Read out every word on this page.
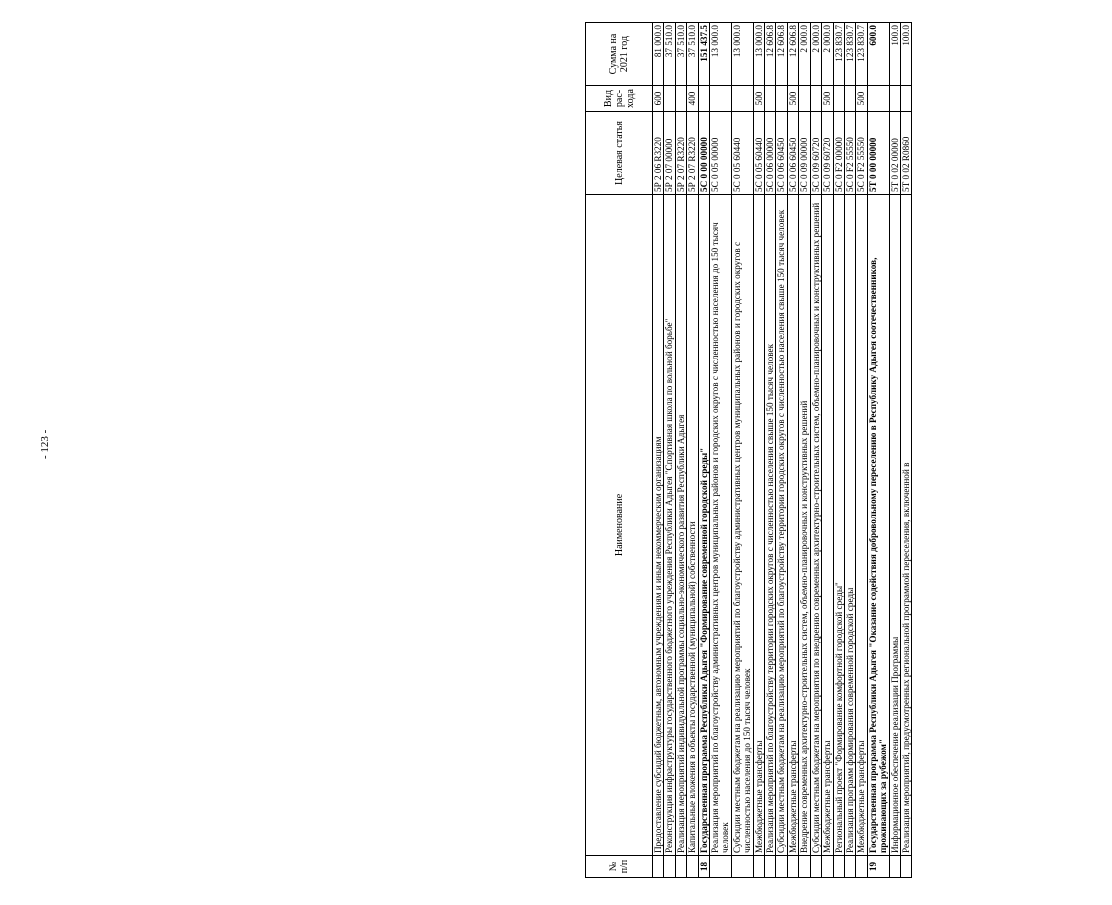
- 123 -
№ п/п	Наименование	Целевая статья	Вид рас-хода	Сумма на 2021 год
	Предоставление субсидий бюджетным, автономным учреждениям и иным некоммерческим организациям	5Р 2 06 R3220	600	81 000.0
	Реконструкция инфраструктуры государственного бюджетного учреждения Республики Адыгея "Спортивная школа по вольной борьбе"	5Р 2 07 00000		37 510.0
	Реализация мероприятий индивидуальной программы социально-экономического развития Республики Адыгея	5Р 2 07 R3220		37 510.0
	Капитальные вложения в объекты государственной (муниципальной) собственности	5Р 2 07 R3220	400	37 510.0
18	Государственная программа Республики Адыгея "Формирование современной городской среды"	5С 0 00 00000		151 437.5
	Реализация мероприятий по благоустройству административных центров муниципальных районов и городских округов с численностью населения до 150 тысяч человек	5С 0 05 00000		13 000.0
	Субсидии местным бюджетам на реализацию мероприятий по благоустройству административных центров муниципальных районов и городских округов с численностью населения до 150 тысяч человек	5С 0 05 60440		13 000.0
	Межбюджетные трансферты	5С 0 05 60440	500	13 000.0
	Реализация мероприятий по благоустройству территории городских округов с численностью населения свыше 150 тысяч человек	5С 0 06 00000		12 606.8
	Субсидии местным бюджетам на реализацию мероприятий по благоустройству территории городских округов с численностью населения свыше 150 тысяч человек	5С 0 06 60450		12 606.8
	Межбюджетные трансферты	5С 0 06 60450	500	12 606.8
	Внедрение современных архитектурно-строительных систем, объемно-планировочных и конструктивных решений	5С 0 09 00000		2 000.0
	Субсидии местным бюджетам на мероприятия по внедрению современных архитектурно-строительных систем, объемно-планировочных и конструктивных решений	5С 0 09 60720		2 000.0
	Межбюджетные трансферты	5С 0 09 60720	500	2 000.0
	Региональный проект "Формирование комфортной городской среды"	5С 0 F2 00000		123 830.7
	Реализация программ формирования современной городской среды	5С 0 F2 55550		123 830.7
	Межбюджетные трансферты	5С 0 F2 55550	500	123 830.7
19	Государственная программа Республики Адыгея "Оказание содействия добровольному переселению в Республику Адыгея соотечественников, проживающих за рубежом"	5Т 0 00 00000		600.0
	Информационное обеспечение реализации Программы	5Т 0 02 00000		100.0
	Реализация мероприятий, предусмотренных региональной программой переселения, включенной в	5Т 0 02 R0860		100.0
